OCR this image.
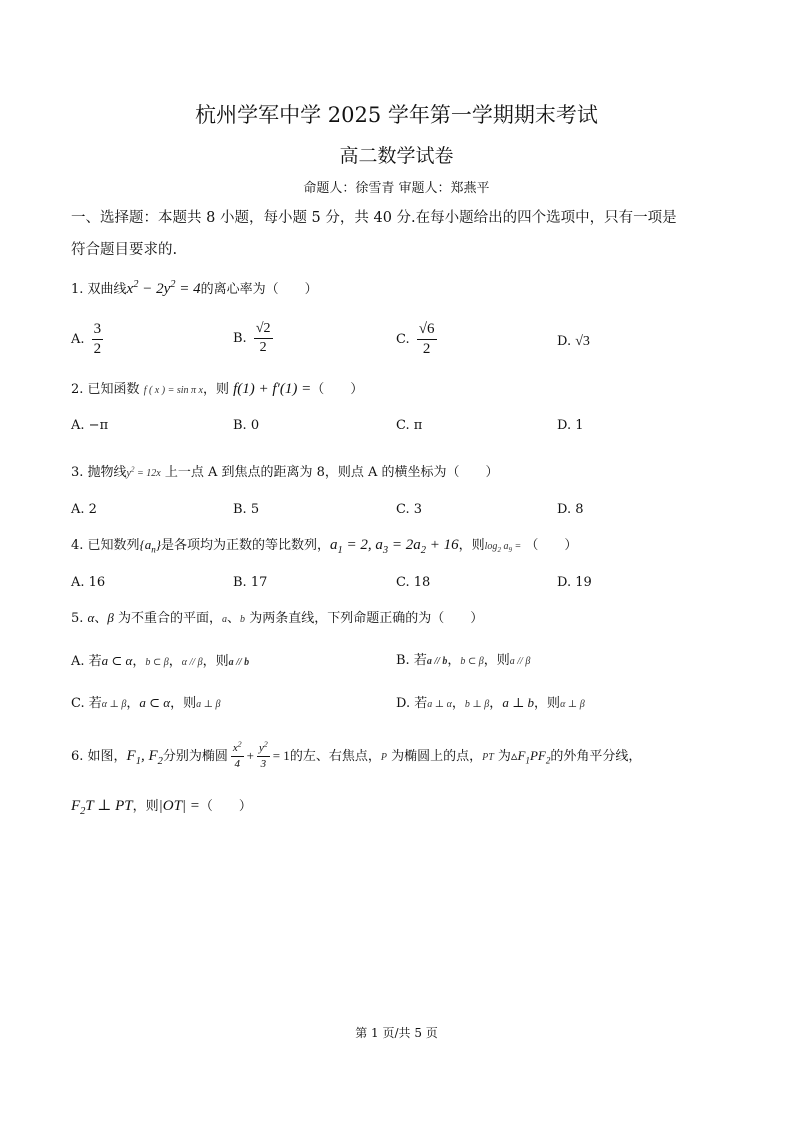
杭州学军中学 2025 学年第一学期期末考试
高二数学试卷
命题人：徐雪青 审题人：郑燕平
一、选择题：本题共 8 小题，每小题 5 分，共 40 分.在每小题给出的四个选项中，只有一项是
符合题目要求的.
1. 双曲线$x^2 - 2y^2 = 4$的离心率为（　　）
A. $\frac{3}{2}$	B. $\frac{√2}{2}$	C. $\frac{√6}{2}$	D. √3
2. 已知函数 f ( x ) = sin π x，则 f(1) + f′(1) =（　　）
A. −π	B. 0	C. π	D. 1
3. 抛物线$y^2 = 12x$ 上一点 A 到焦点的距离为 8，则点 A 的横坐标为（　　）
A. 2	B. 5	C. 3	D. 8
4. 已知数列$\{a_n\}$是各项均为正数的等比数列，$a_1 = 2$, $a_3 = 2a_2 + 16$，则$\log_2 a_9$ = （　　）
A. 16	B. 17	C. 18	D. 19
5. α、β 为不重合的平面，a、b 为两条直线，下列命题正确的为（　　）
A. 若a ⊂ α，b ⊂ β，α // β，则a // b	B. 若a // b，b ⊂ β，则a // β
C. 若α ⊥ β，a ⊂ α，则a ⊥ β	D. 若a ⊥ α，b ⊥ β，a ⊥ b，则α ⊥ β
6. 如图，$F_1$, $F_2$分别为椭圆 $\frac{x^2}{4} + \frac{y^2}{3} = 1$的左、右焦点，P 为椭圆上的点，PT 为$▵F_1PF_2$的外角平分线，
$F_2T$ ⊥ PT，则|OT| =（　　）
第 1 页/共 5 页
